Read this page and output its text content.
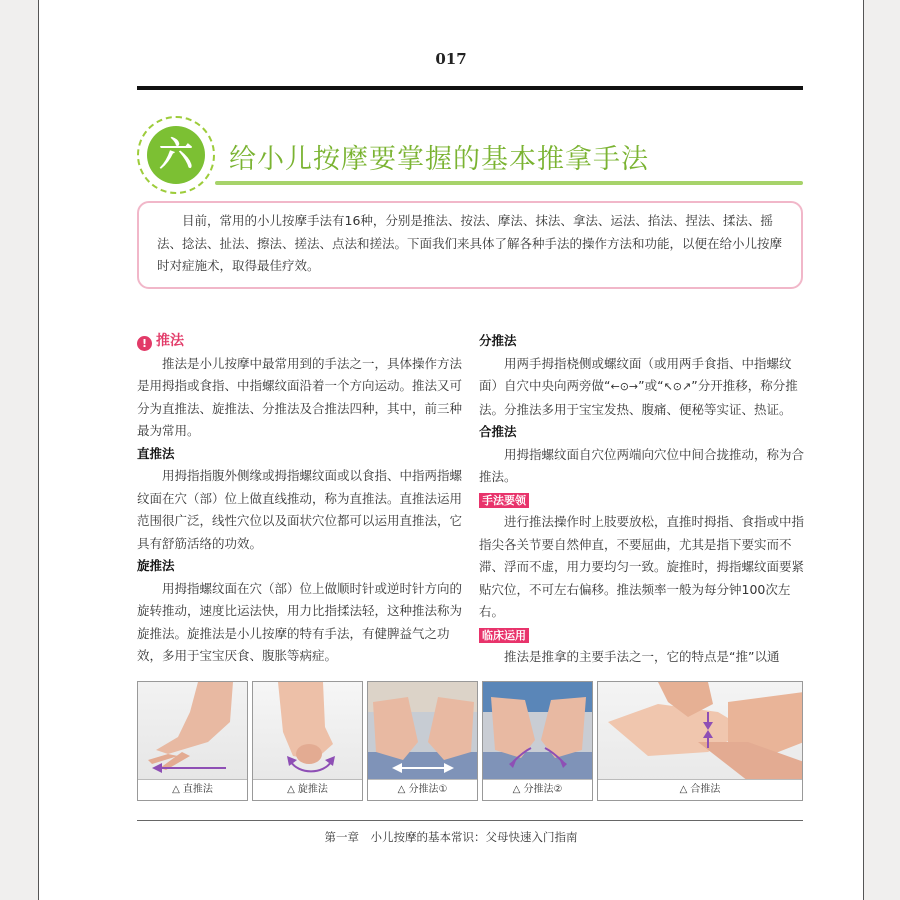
017
六	给小儿按摩要掌握的基本推拿手法
目前，常用的小儿按摩手法有16种，分别是推法、按法、摩法、抹法、拿法、运法、掐法、捏法、揉法、摇法、捻法、扯法、擦法、搓法、点法和搓法。下面我们来具体了解各种手法的操作方法和功能，以便在给小儿按摩时对症施术，取得最佳疗效。
! 推法
推法是小儿按摩中最常用到的手法之一，具体操作方法是用拇指或食指、中指螺纹面沿着一个方向运动。推法又可分为直推法、旋推法、分推法及合推法四种，其中，前三种最为常用。
直推法
用拇指指腹外侧缘或拇指螺纹面或以食指、中指两指螺纹面在穴（部）位上做直线推动，称为直推法。直推法运用范围很广泛，线性穴位以及面状穴位都可以运用直推法，它具有舒筋活络的功效。
旋推法
用拇指螺纹面在穴（部）位上做顺时针或逆时针方向的旋转推动，速度比运法快，用力比指揉法轻，这种推法称为旋推法。旋推法是小儿按摩的特有手法，有健脾益气之功效，多用于宝宝厌食、腹胀等病症。
分推法
用两手拇指桡侧或螺纹面（或用两手食指、中指螺纹面）自穴中央向两旁做“←⊙→”或“↖⊙↗”分开推移，称分推法。分推法多用于宝宝发热、腹痛、便秘等实证、热证。
合推法
用拇指螺纹面自穴位两端向穴位中间合拢推动，称为合推法。
手法要领
进行推法操作时上肢要放松，直推时拇指、食指或中指指尖各关节要自然伸直，不要屈曲，尤其是指下要实而不滞、浮而不虚，用力要均匀一致。旋推时，拇指螺纹面要紧贴穴位，不可左右偏移。推法频率一般为每分钟100次左右。
临床运用
推法是推拿的主要手法之一，它的特点是“推”以通
△ 直推法	△ 旋推法	△ 分推法①	△ 分推法②	△ 合推法
第一章　小儿按摩的基本常识：父母快速入门指南
